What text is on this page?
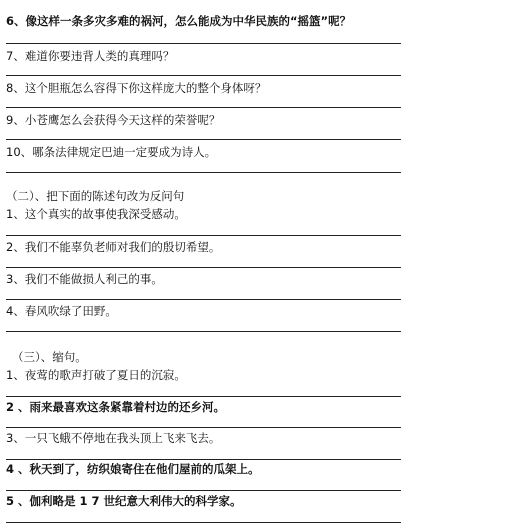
6、像这样一条多灾多难的祸河，怎么能成为中华民族的“摇篮”呢？
7、难道你要违背人类的真理吗？
8、这个胆瓶怎么容得下你这样庞大的整个身体呀？
9、小苍鹰怎么会获得今天这样的荣誉呢？
10、哪条法律规定巴迪一定要成为诗人。
（二）、把下面的陈述句改为反问句
1、这个真实的故事使我深受感动。
2、我们不能辜负老师对我们的殷切希望。
3、我们不能做损人利己的事。
4、春风吹绿了田野。
（三）、缩句。
1、夜莺的歌声打破了夏日的沉寂。
2 、雨来最喜欢这条紧靠着村边的还乡河。
3、一只飞蛾不停地在我头顶上飞来飞去。
4 、秋天到了，纺织娘寄住在他们屋前的瓜架上。
5 、伽利略是 1 7 世纪意大利伟大的科学家。
